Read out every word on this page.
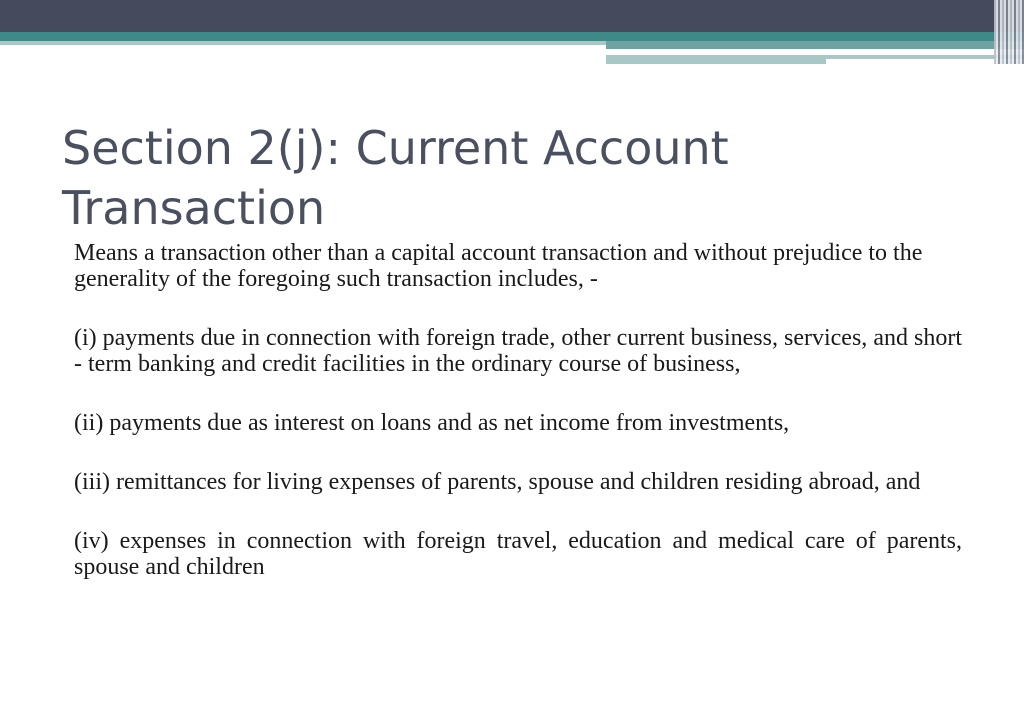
Section 2(j): Current Account Transaction

Means a transaction other than a capital account transaction and without prejudice to the generality of the foregoing such transaction includes, -

(i) payments due in connection with foreign trade, other current business, services, and short - term banking and credit facilities in the ordinary course of business,

(ii) payments due as interest on loans and as net income from investments,

(iii) remittances for living expenses of parents, spouse and children residing abroad, and

(iv) expenses in connection with foreign travel, education and medical care of parents, spouse and children
